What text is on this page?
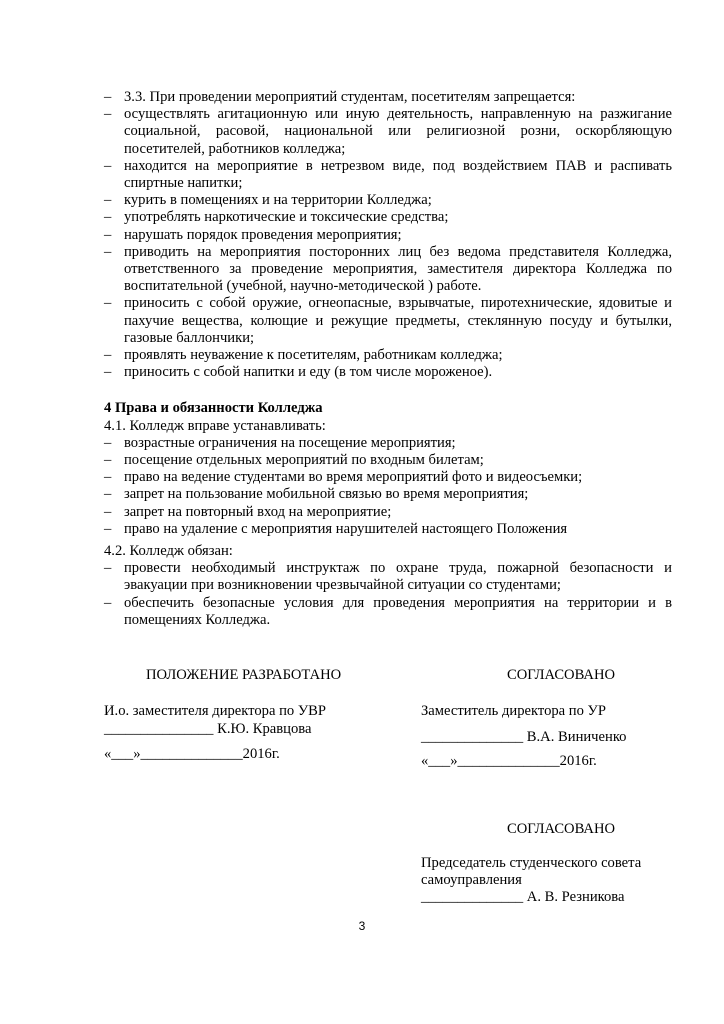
– 3.3. При проведении мероприятий студентам, посетителям запрещается:
– осуществлять агитационную или иную деятельность, направленную на разжигание социальной, расовой, национальной или религиозной розни, оскорбляющую посетителей, работников колледжа;
– находится на мероприятие в нетрезвом виде, под воздействием ПАВ и распивать спиртные напитки;
– курить в помещениях и на территории Колледжа;
– употреблять наркотические и токсические средства;
– нарушать порядок проведения мероприятия;
– приводить на мероприятия посторонних лиц без ведома представителя Колледжа, ответственного за проведение мероприятия, заместителя директора Колледжа по воспитательной (учебной, научно-методической ) работе.
– приносить с собой оружие, огнеопасные, взрывчатые, пиротехнические, ядовитые и пахучие вещества, колющие и режущие предметы, стеклянную посуду и бутылки, газовые баллончики;
– проявлять неуважение к посетителям, работникам колледжа;
– приносить с собой напитки и еду (в том числе мороженое).

4 Права и обязанности Колледжа

4.1. Колледж вправе устанавливать:

– возрастные ограничения на посещение мероприятия;
– посещение отдельных мероприятий по входным билетам;
– право на ведение студентами во время мероприятий фото и видеосъемки;
– запрет на пользование мобильной связью во время мероприятия;
– запрет на повторный вход на мероприятие;
– право на удаление с мероприятия нарушителей настоящего Положения

4.2. Колледж обязан:

– провести необходимый инструктаж по охране труда, пожарной безопасности и эвакуации при возникновении чрезвычайной ситуации со студентами;
– обеспечить безопасные условия для проведения мероприятия на территории и в помещениях Колледжа.
ПОЛОЖЕНИЕ РАЗРАБОТАНО	СОГЛАСОВАНО
И.о. заместителя директора по УВР
_______________ К.Ю. Кравцова
«___»______________2016г.
Заместитель директора по УР
______________ В.А. Виниченко
«___»______________2016г.
СОГЛАСОВАНО
Председатель студенческого совета
самоуправления
______________ А. В. Резникова
3
